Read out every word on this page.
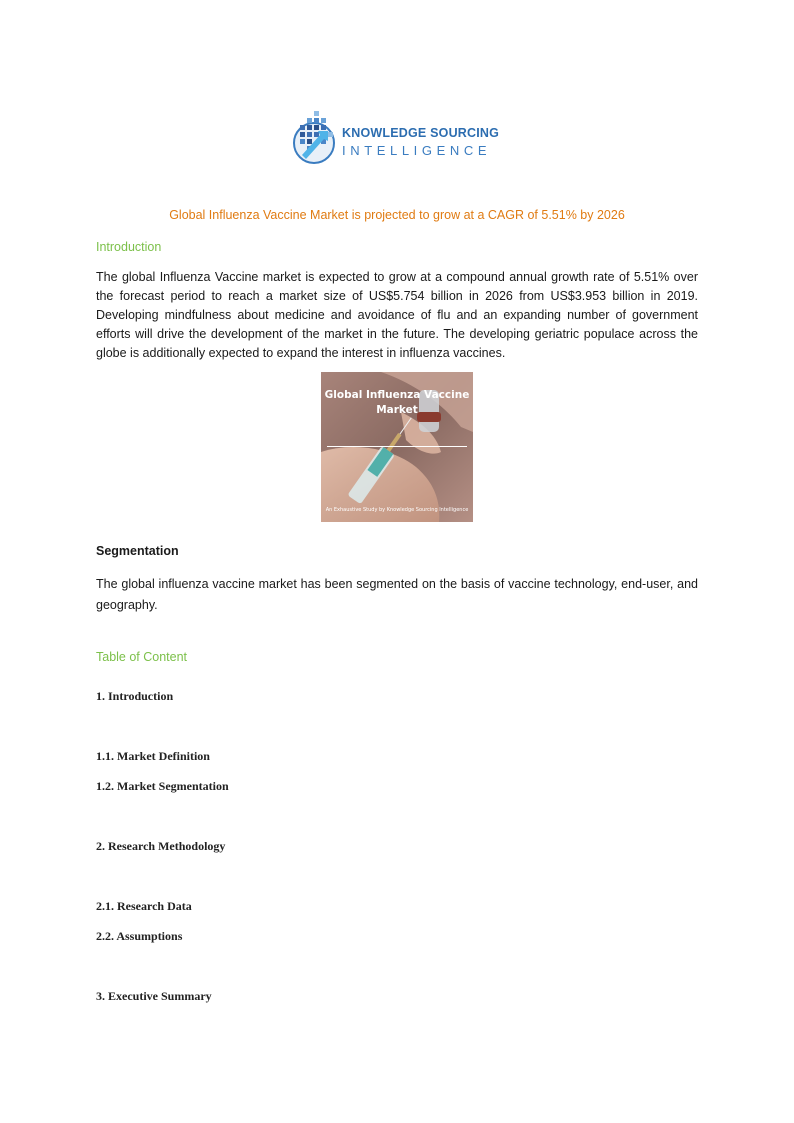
KNOWLEDGE SOURCING
INTELLIGENCE
Global Influenza Vaccine Market is projected to grow at a CAGR of 5.51% by 2026
Introduction
The global Influenza Vaccine market is expected to grow at a compound annual growth rate of 5.51% over the forecast period to reach a market size of US$5.754 billion in 2026 from US$3.953 billion in 2019. Developing mindfulness about medicine and avoidance of flu and an expanding number of government efforts will drive the development of the market in the future. The developing geriatric populace across the globe is additionally expected to expand the interest in influenza vaccines.
Global Influenza Vaccine
Market
An Exhaustive Study by Knowledge Sourcing Intelligence
Segmentation
The global influenza vaccine market has been segmented on the basis of vaccine technology, end-user, and geography.
Table of Content
1. Introduction
1.1. Market Definition
1.2. Market Segmentation
2. Research Methodology
2.1. Research Data
2.2. Assumptions
3. Executive Summary
